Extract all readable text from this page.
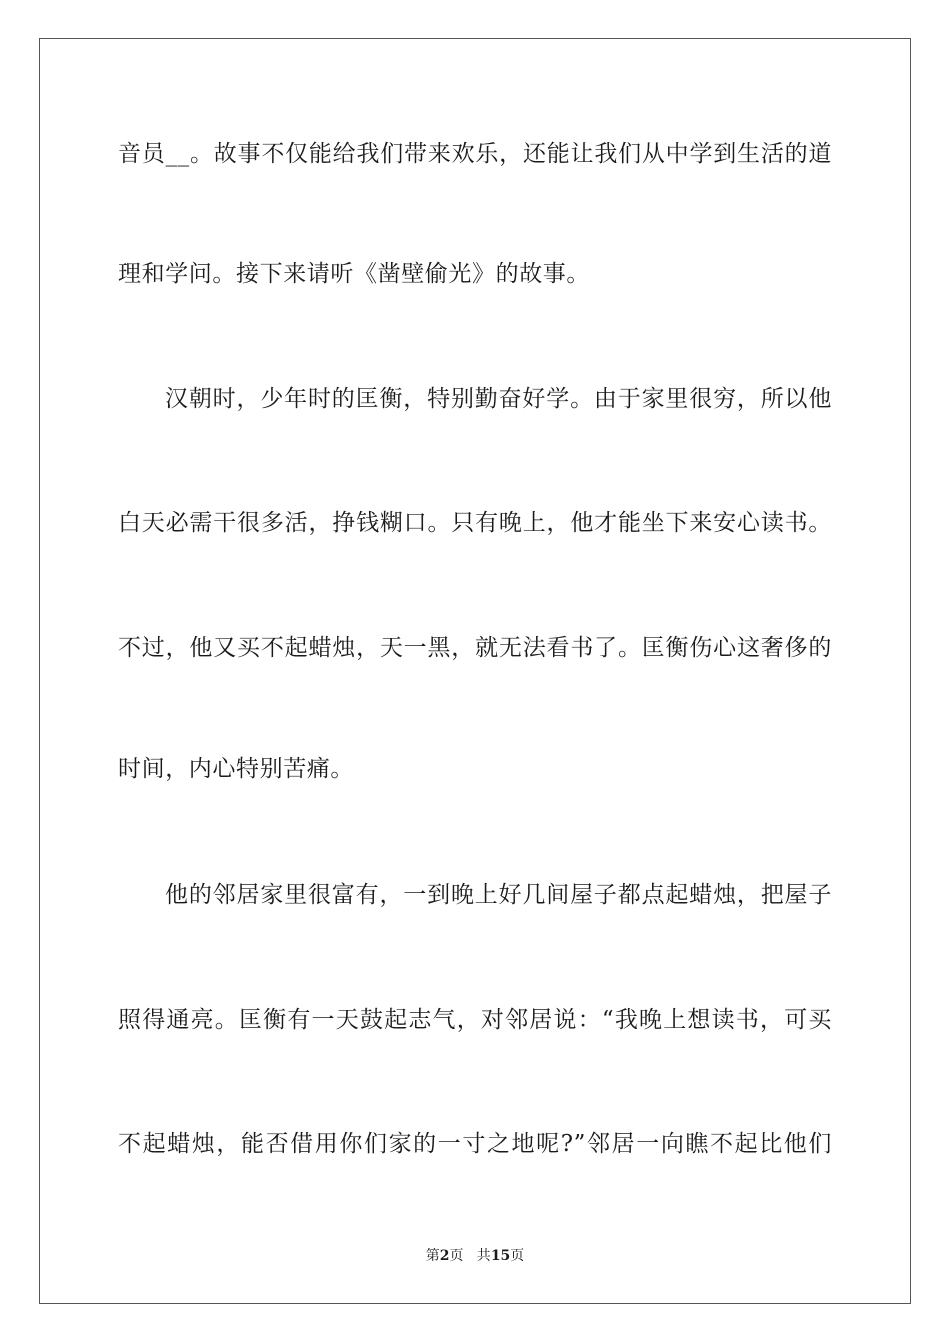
音员__。故事不仅能给我们带来欢乐，还能让我们从中学到生活的道
理和学问。接下来请听《凿壁偷光》的故事。
汉朝时，少年时的匡衡，特别勤奋好学。由于家里很穷，所以他
白天必需干很多活，挣钱糊口。只有晚上，他才能坐下来安心读书。
不过，他又买不起蜡烛，天一黑，就无法看书了。匡衡伤心这奢侈的
时间，内心特别苦痛。
他的邻居家里很富有，一到晚上好几间屋子都点起蜡烛，把屋子
照得通亮。匡衡有一天鼓起志气，对邻居说：“我晚上想读书，可买
不起蜡烛，能否借用你们家的一寸之地呢?”邻居一向瞧不起比他们
第2页   共15页
